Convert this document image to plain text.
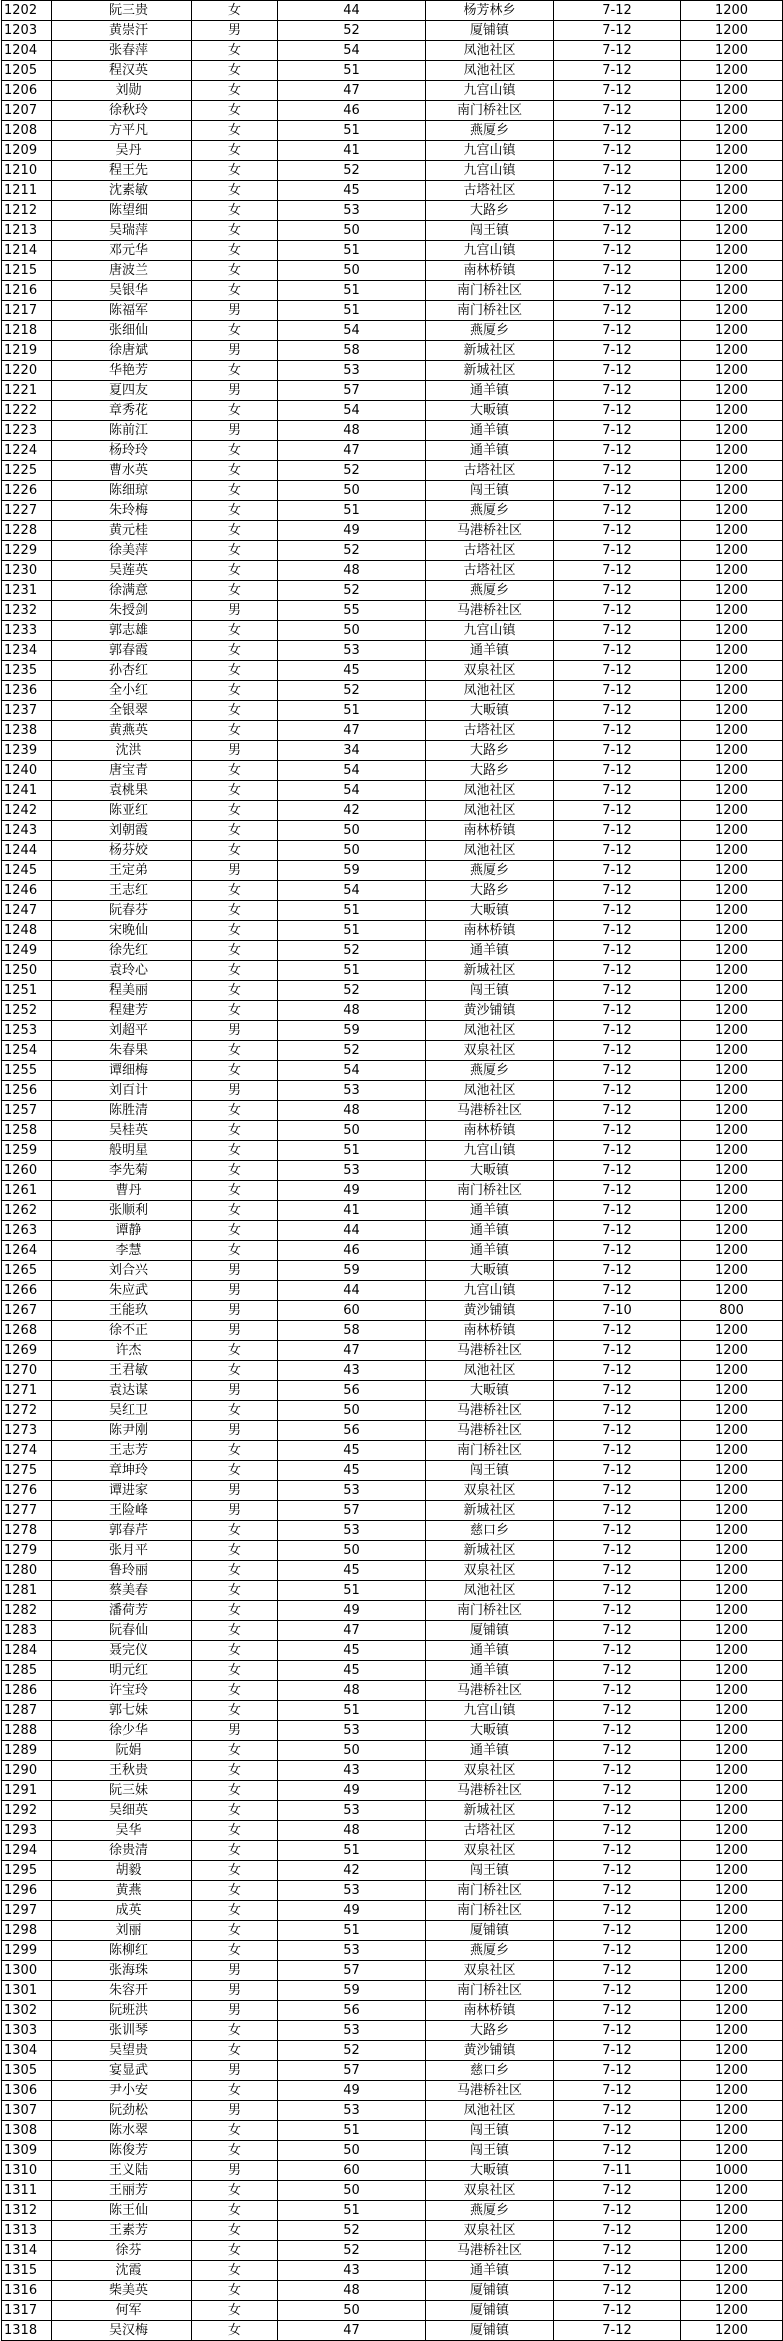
1202	阮三贵	女	44	杨芳林乡	7-12	1200
1203	黄崇汗	男	52	厦铺镇	7-12	1200
1204	张春萍	女	54	凤池社区	7-12	1200
1205	程汉英	女	51	凤池社区	7-12	1200
1206	刘勋	女	47	九宫山镇	7-12	1200
1207	徐秋玲	女	46	南门桥社区	7-12	1200
1208	方平凡	女	51	燕厦乡	7-12	1200
1209	吴丹	女	41	九宫山镇	7-12	1200
1210	程王先	女	52	九宫山镇	7-12	1200
1211	沈素敏	女	45	古塔社区	7-12	1200
1212	陈望细	女	53	大路乡	7-12	1200
1213	吴瑞萍	女	50	闯王镇	7-12	1200
1214	邓元华	女	51	九宫山镇	7-12	1200
1215	唐波兰	女	50	南林桥镇	7-12	1200
1216	吴银华	女	51	南门桥社区	7-12	1200
1217	陈福军	男	51	南门桥社区	7-12	1200
1218	张细仙	女	54	燕厦乡	7-12	1200
1219	徐唐斌	男	58	新城社区	7-12	1200
1220	华艳芳	女	53	新城社区	7-12	1200
1221	夏四友	男	57	通羊镇	7-12	1200
1222	章秀花	女	54	大畈镇	7-12	1200
1223	陈前江	男	48	通羊镇	7-12	1200
1224	杨玲玲	女	47	通羊镇	7-12	1200
1225	曹水英	女	52	古塔社区	7-12	1200
1226	陈细琼	女	50	闯王镇	7-12	1200
1227	朱玲梅	女	51	燕厦乡	7-12	1200
1228	黄元桂	女	49	马港桥社区	7-12	1200
1229	徐美萍	女	52	古塔社区	7-12	1200
1230	吴莲英	女	48	古塔社区	7-12	1200
1231	徐满意	女	52	燕厦乡	7-12	1200
1232	朱授剑	男	55	马港桥社区	7-12	1200
1233	郭志雄	女	50	九宫山镇	7-12	1200
1234	郭春霞	女	53	通羊镇	7-12	1200
1235	孙杏红	女	45	双泉社区	7-12	1200
1236	全小红	女	52	凤池社区	7-12	1200
1237	全银翠	女	51	大畈镇	7-12	1200
1238	黄燕英	女	47	古塔社区	7-12	1200
1239	沈洪	男	34	大路乡	7-12	1200
1240	唐宝青	女	54	大路乡	7-12	1200
1241	袁桃果	女	54	凤池社区	7-12	1200
1242	陈亚红	女	42	凤池社区	7-12	1200
1243	刘朝霞	女	50	南林桥镇	7-12	1200
1244	杨芬姣	女	50	凤池社区	7-12	1200
1245	王定弟	男	59	燕厦乡	7-12	1200
1246	王志红	女	54	大路乡	7-12	1200
1247	阮春芬	女	51	大畈镇	7-12	1200
1248	宋晚仙	女	51	南林桥镇	7-12	1200
1249	徐先红	女	52	通羊镇	7-12	1200
1250	袁玲心	女	51	新城社区	7-12	1200
1251	程美丽	女	52	闯王镇	7-12	1200
1252	程建芳	女	48	黄沙铺镇	7-12	1200
1253	刘超平	男	59	凤池社区	7-12	1200
1254	朱春果	女	52	双泉社区	7-12	1200
1255	谭细梅	女	54	燕厦乡	7-12	1200
1256	刘百计	男	53	凤池社区	7-12	1200
1257	陈胜清	女	48	马港桥社区	7-12	1200
1258	吴桂英	女	50	南林桥镇	7-12	1200
1259	般明星	女	51	九宫山镇	7-12	1200
1260	李先菊	女	53	大畈镇	7-12	1200
1261	曹丹	女	49	南门桥社区	7-12	1200
1262	张顺利	女	41	通羊镇	7-12	1200
1263	谭静	女	44	通羊镇	7-12	1200
1264	李慧	女	46	通羊镇	7-12	1200
1265	刘合兴	男	59	大畈镇	7-12	1200
1266	朱应武	男	44	九宫山镇	7-12	1200
1267	王能玖	男	60	黄沙铺镇	7-10	800
1268	徐不正	男	58	南林桥镇	7-12	1200
1269	许杰	女	47	马港桥社区	7-12	1200
1270	王君敏	女	43	凤池社区	7-12	1200
1271	袁达谋	男	56	大畈镇	7-12	1200
1272	吴红卫	女	50	马港桥社区	7-12	1200
1273	陈尹刚	男	56	马港桥社区	7-12	1200
1274	王志芳	女	45	南门桥社区	7-12	1200
1275	章坤玲	女	45	闯王镇	7-12	1200
1276	谭进家	男	53	双泉社区	7-12	1200
1277	王险峰	男	57	新城社区	7-12	1200
1278	郭春芹	女	53	慈口乡	7-12	1200
1279	张月平	女	50	新城社区	7-12	1200
1280	鲁玲丽	女	45	双泉社区	7-12	1200
1281	蔡美春	女	51	凤池社区	7-12	1200
1282	潘荷芳	女	49	南门桥社区	7-12	1200
1283	阮春仙	女	47	厦铺镇	7-12	1200
1284	聂完仪	女	45	通羊镇	7-12	1200
1285	明元红	女	45	通羊镇	7-12	1200
1286	许宝玲	女	48	马港桥社区	7-12	1200
1287	郭七妹	女	51	九宫山镇	7-12	1200
1288	徐少华	男	53	大畈镇	7-12	1200
1289	阮娟	女	50	通羊镇	7-12	1200
1290	王秋贵	女	43	双泉社区	7-12	1200
1291	阮三妹	女	49	马港桥社区	7-12	1200
1292	吴细英	女	53	新城社区	7-12	1200
1293	吴华	女	48	古塔社区	7-12	1200
1294	徐贵清	女	51	双泉社区	7-12	1200
1295	胡毅	女	42	闯王镇	7-12	1200
1296	黄燕	女	53	南门桥社区	7-12	1200
1297	成英	女	49	南门桥社区	7-12	1200
1298	刘丽	女	51	厦铺镇	7-12	1200
1299	陈柳红	女	53	燕厦乡	7-12	1200
1300	张海珠	男	57	双泉社区	7-12	1200
1301	朱容开	男	59	南门桥社区	7-12	1200
1302	阮班洪	男	56	南林桥镇	7-12	1200
1303	张训琴	女	53	大路乡	7-12	1200
1304	吴望贵	女	52	黄沙铺镇	7-12	1200
1305	宴显武	男	57	慈口乡	7-12	1200
1306	尹小安	女	49	马港桥社区	7-12	1200
1307	阮劲松	男	53	凤池社区	7-12	1200
1308	陈水翠	女	51	闯王镇	7-12	1200
1309	陈俊芳	女	50	闯王镇	7-12	1200
1310	王义陆	男	60	大畈镇	7-11	1000
1311	王丽芳	女	50	双泉社区	7-12	1200
1312	陈王仙	女	51	燕厦乡	7-12	1200
1313	王素芳	女	52	双泉社区	7-12	1200
1314	徐芬	女	52	马港桥社区	7-12	1200
1315	沈霞	女	43	通羊镇	7-12	1200
1316	柴美英	女	48	厦铺镇	7-12	1200
1317	何军	女	50	厦铺镇	7-12	1200
1318	吴汉梅	女	47	厦铺镇	7-12	1200
